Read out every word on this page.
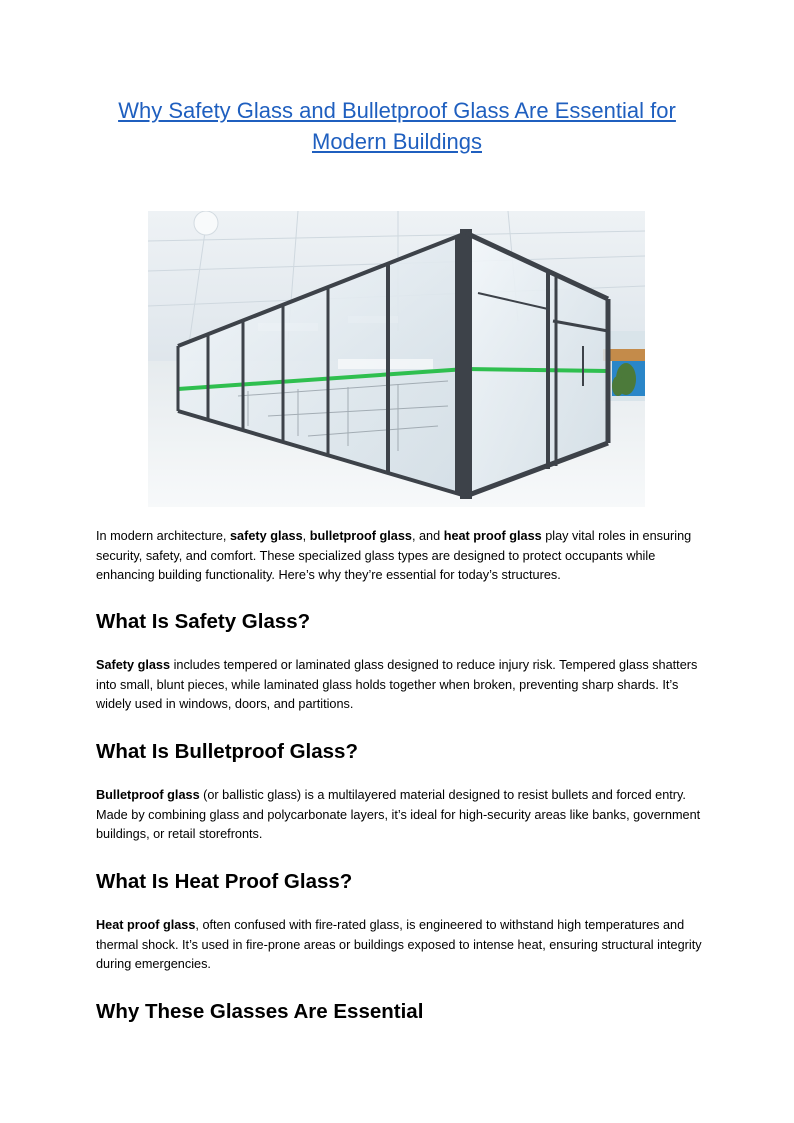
Why Safety Glass and Bulletproof Glass Are Essential for
Modern Buildings

In modern architecture, safety glass, bulletproof glass, and heat proof glass play vital roles in ensuring security, safety, and comfort. These specialized glass types are designed to protect occupants while enhancing building functionality. Here’s why they’re essential for today’s structures.

What Is Safety Glass?

Safety glass includes tempered or laminated glass designed to reduce injury risk. Tempered glass shatters into small, blunt pieces, while laminated glass holds together when broken, preventing sharp shards. It’s widely used in windows, doors, and partitions.

What Is Bulletproof Glass?

Bulletproof glass (or ballistic glass) is a multilayered material designed to resist bullets and forced entry. Made by combining glass and polycarbonate layers, it’s ideal for high-security areas like banks, government buildings, or retail storefronts.

What Is Heat Proof Glass?

Heat proof glass, often confused with fire-rated glass, is engineered to withstand high temperatures and thermal shock. It’s used in fire-prone areas or buildings exposed to intense heat, ensuring structural integrity during emergencies.

Why These Glasses Are Essential
